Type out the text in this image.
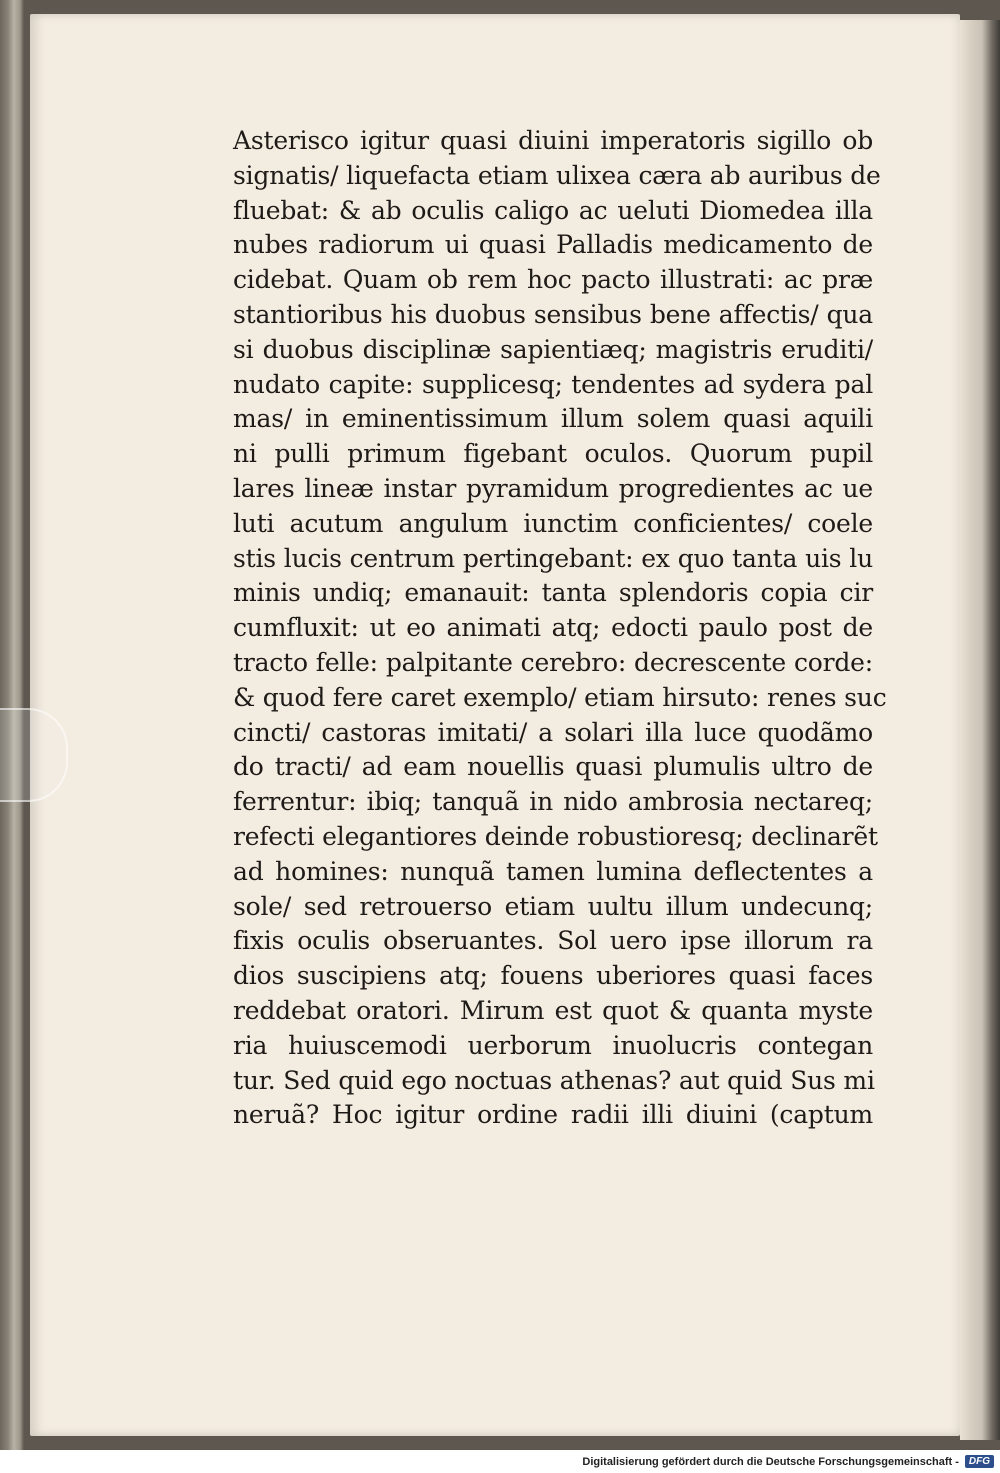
Asterisco igitur quasi diuini imperatoris sigillo ob
signatis/ liquefacta etiam ulixea cæra ab auribus de
fluebat: & ab oculis caligo ac ueluti Diomedea illa
nubes radiorum ui quasi Palladis medicamento de
cidebat. Quam ob rem hoc pacto illustrati: ac præ
stantioribus his duobus sensibus bene affectis/ qua
si duobus disciplinæ sapientiæq; magistris eruditi/
nudato capite: supplicesq; tendentes ad sydera pal
mas/ in eminentissimum illum solem quasi aquili
ni pulli primum figebant oculos. Quorum pupil
lares lineæ instar pyramidum progredientes ac ue
luti acutum angulum iunctim conficientes/ coele
stis lucis centrum pertingebant: ex quo tanta uis lu
minis undiq; emanauit: tanta splendoris copia cir
cumfluxit: ut eo animati atq; edocti paulo post de
tracto felle: palpitante cerebro: decrescente corde:
& quod fere caret exemplo/ etiam hirsuto: renes suc
cincti/ castoras imitati/ a solari illa luce quodãmo
do tracti/ ad eam nouellis quasi plumulis ultro de
ferrentur: ibiq; tanquã in nido ambrosia nectareq;
refecti elegantiores deinde robustioresq; declinarẽt
ad homines: nunquã tamen lumina deflectentes a
sole/ sed retrouerso etiam uultu illum undecunq;
fixis oculis obseruantes. Sol uero ipse illorum ra
dios suscipiens atq; fouens uberiores quasi faces
reddebat oratori. Mirum est quot & quanta myste
ria huiuscemodi uerborum inuolucris contegan
tur. Sed quid ego noctuas athenas? aut quid Sus mi
neruã? Hoc igitur ordine radii illi diuini (captum
Digitalisierung gefördert durch die Deutsche Forschungsgemeinschaft -	DFG
